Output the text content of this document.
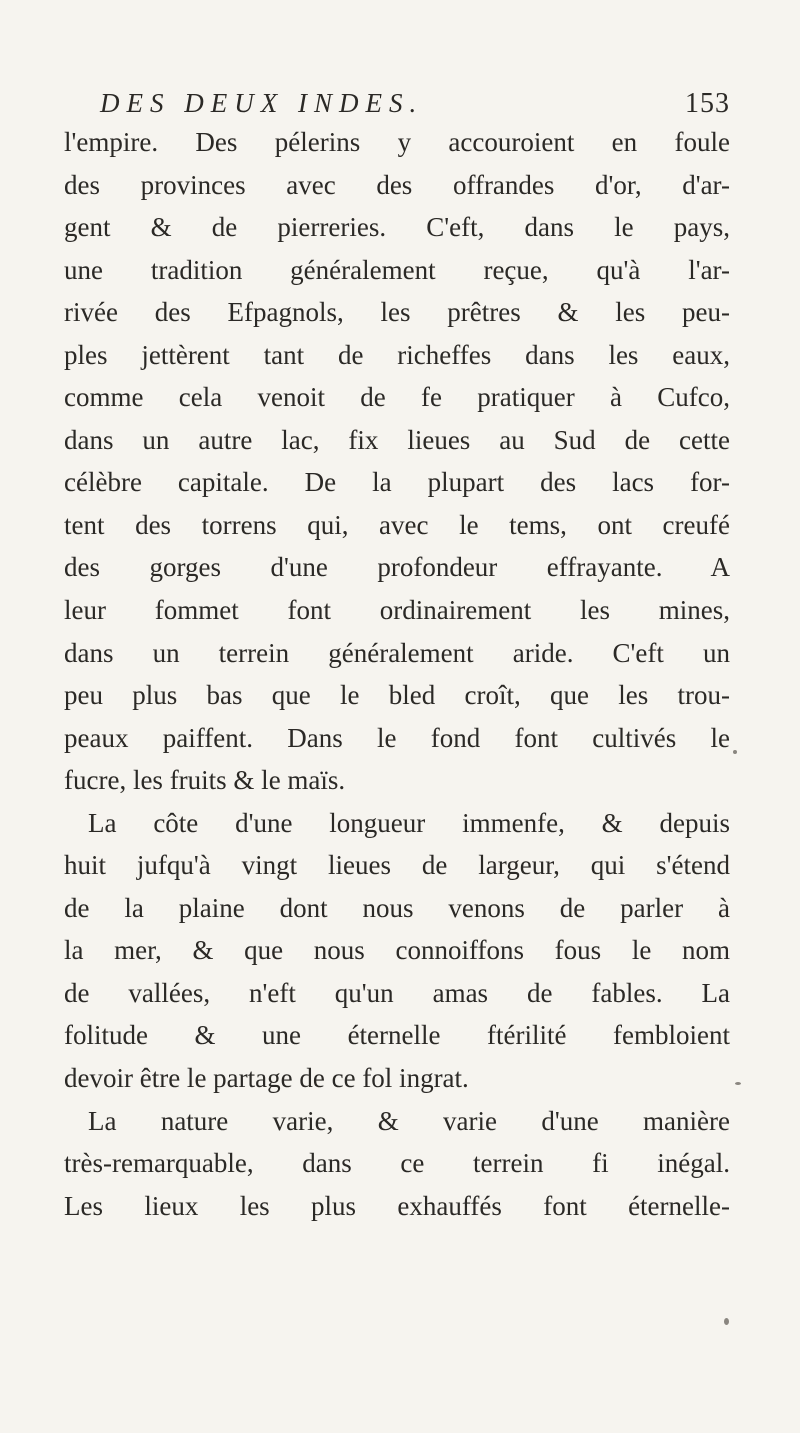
DES DEUX INDES.	153
l'empire. Des pélerins y accouroient en foule
des provinces avec des offrandes d'or, d'ar-
gent & de pierreries. C'eft, dans le pays,
une tradition généralement reçue, qu'à l'ar-
rivée des Efpagnols, les prêtres & les peu-
ples jettèrent tant de richeffes dans les eaux,
comme cela venoit de fe pratiquer à Cufco,
dans un autre lac, fix lieues au Sud de cette
célèbre capitale. De la plupart des lacs for-
tent des torrens qui, avec le tems, ont creufé
des gorges d'une profondeur effrayante. A
leur fommet font ordinairement les mines,
dans un terrein généralement aride. C'eft un
peu plus bas que le bled croît, que les trou-
peaux paiffent. Dans le fond font cultivés le
fucre, les fruits & le maïs.
La côte d'une longueur immenfe, & depuis
huit jufqu'à vingt lieues de largeur, qui s'étend
de la plaine dont nous venons de parler à
la mer, & que nous connoiffons fous le nom
de vallées, n'eft qu'un amas de fables. La
folitude & une éternelle ftérilité fembloient
devoir être le partage de ce fol ingrat.
La nature varie, & varie d'une manière
très-remarquable, dans ce terrein fi inégal.
Les lieux les plus exhauffés font éternelle-
